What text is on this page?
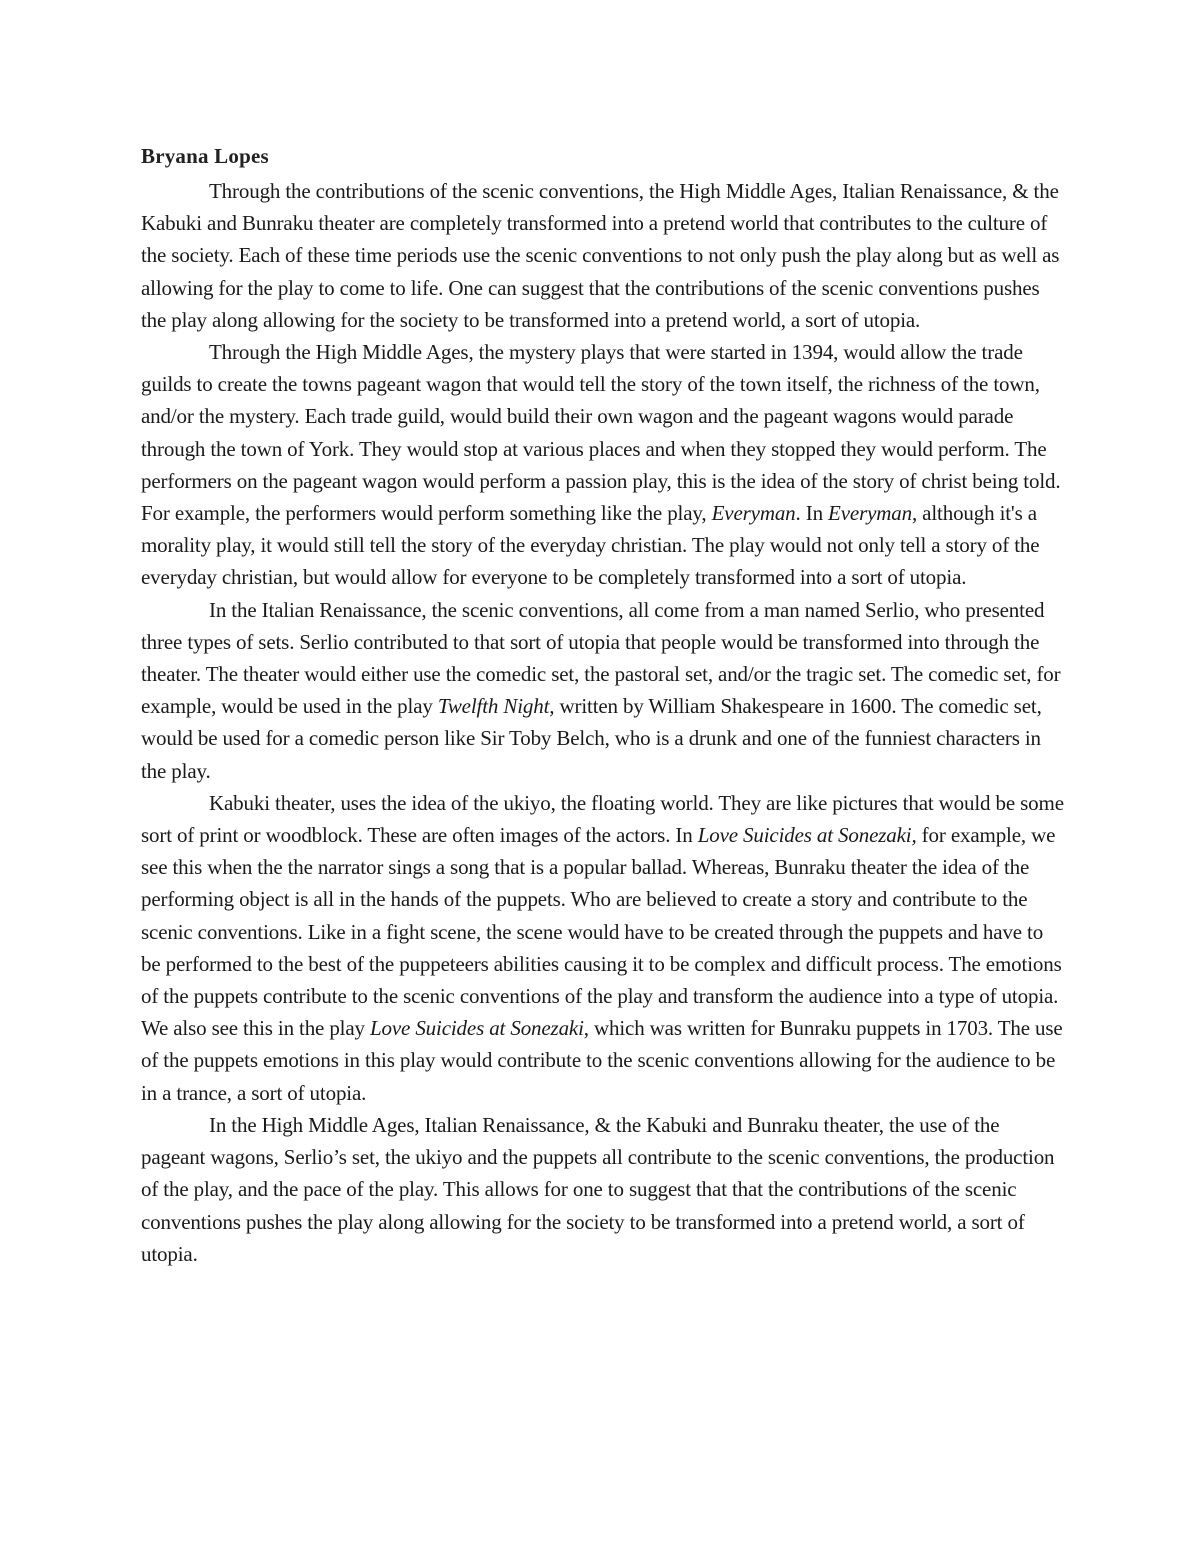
Bryana Lopes

Through the contributions of the scenic conventions, the High Middle Ages, Italian Renaissance, & the Kabuki and Bunraku theater are completely transformed into a pretend world that contributes to the culture of the society. Each of these time periods use the scenic conventions to not only push the play along but as well as allowing for the play to come to life. One can suggest that the contributions of the scenic conventions pushes the play along allowing for the society to be transformed into a pretend world, a sort of utopia.

Through the High Middle Ages, the mystery plays that were started in 1394, would allow the trade guilds to create the towns pageant wagon that would tell the story of the town itself, the richness of the town, and/or the mystery. Each trade guild, would build their own wagon and the pageant wagons would parade through the town of York. They would stop at various places and when they stopped they would perform. The performers on the pageant wagon would perform a passion play, this is the idea of the story of christ being told. For example, the performers would perform something like the play, Everyman. In Everyman, although it's a morality play, it would still tell the story of the everyday christian. The play would not only tell a story of the everyday christian, but would allow for everyone to be completely transformed into a sort of utopia.

In the Italian Renaissance, the scenic conventions, all come from a man named Serlio, who presented three types of sets. Serlio contributed to that sort of utopia that people would be transformed into through the theater. The theater would either use the comedic set, the pastoral set, and/or the tragic set. The comedic set, for example, would be used in the play Twelfth Night, written by William Shakespeare in 1600. The comedic set, would be used for a comedic person like Sir Toby Belch, who is a drunk and one of the funniest characters in the play.

Kabuki theater, uses the idea of the ukiyo, the floating world. They are like pictures that would be some sort of print or woodblock. These are often images of the actors. In Love Suicides at Sonezaki, for example, we see this when the the narrator sings a song that is a popular ballad. Whereas, Bunraku theater the idea of the performing object is all in the hands of the puppets. Who are believed to create a story and contribute to the scenic conventions. Like in a fight scene, the scene would have to be created through the puppets and have to be performed to the best of the puppeteers abilities causing it to be complex and difficult process. The emotions of the puppets contribute to the scenic conventions of the play and transform the audience into a type of utopia. We also see this in the play Love Suicides at Sonezaki, which was written for Bunraku puppets in 1703. The use of the puppets emotions in this play would contribute to the scenic conventions allowing for the audience to be in a trance, a sort of utopia.

In the High Middle Ages, Italian Renaissance, & the Kabuki and Bunraku theater, the use of the pageant wagons, Serlio’s set, the ukiyo and the puppets all contribute to the scenic conventions, the production of the play, and the pace of the play. This allows for one to suggest that that the contributions of the scenic conventions pushes the play along allowing for the society to be transformed into a pretend world, a sort of utopia.
